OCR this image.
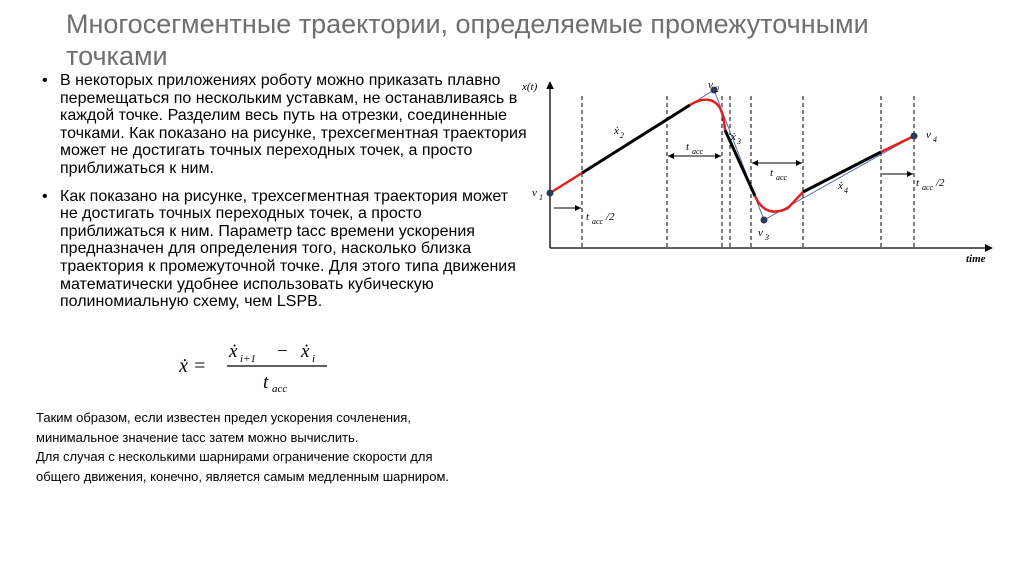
Многосегментные траектории, определяемые промежуточными точками
• В некоторых приложениях роботу можно приказать плавно перемещаться по нескольким уставкам, не останавливаясь в каждой точке. Разделим весь путь на отрезки, соединенные точками. Как показано на рисунке, трехсегментная траектория может не достигать точных переходных точек, а просто приближаться к ним.
• Как показано на рисунке, трехсегментная траектория может не достигать точных переходных точек, а просто приближаться к ним. Параметр tacc времени ускорения предназначен для определения того, насколько близка траектория к промежуточной точке. Для этого типа движения математически удобнее использовать кубическую полиномиальную схему, чем LSPB.
ẋ =
ẋ i+1 − ẋ i
t acc

Таким образом, если известен предел ускорения сочленения,

минимальное значение tacc затем можно вычислить.

Для случая с несколькими шарнирами ограничение скорости для

общего движения, конечно, является самым медленным шарниром.

x(t)
time
v 1
v 2
v 3
v 4
ẋ 2	ẋ 3
ẋ 4
t acc
t acc
t acc /2
t acc /2
